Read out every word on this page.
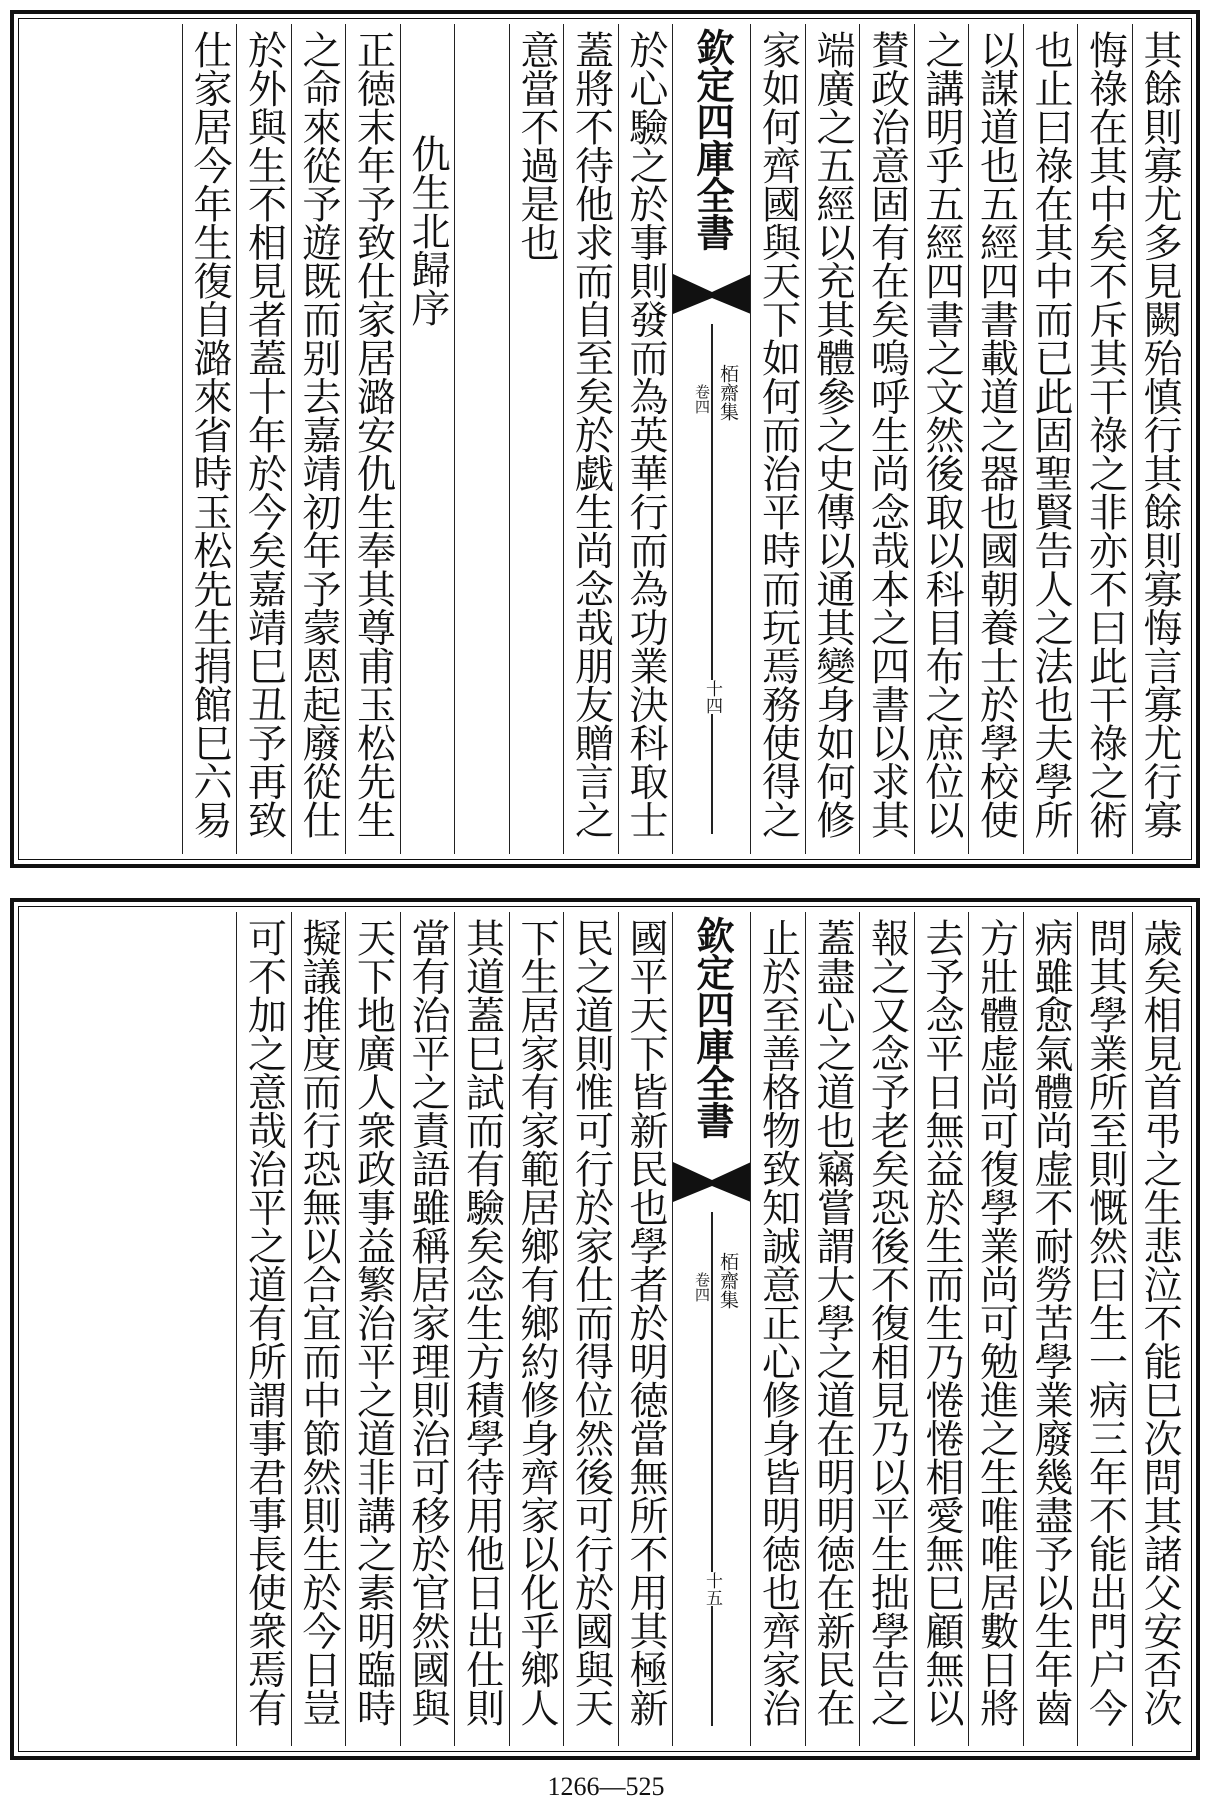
其餘則寡尤多見闕殆慎行其餘則寡悔言寡尤行寡
悔祿在其中矣不斥其干祿之非亦不曰此干祿之術
也止曰祿在其中而已此固聖賢告人之法也夫學所
以謀道也五經四書載道之器也國朝養士於學校使
之講明乎五經四書之文然後取以科目布之庶位以
賛政治意固有在矣嗚呼生尚念哉本之四書以求其
端廣之五經以充其體參之史傳以通其變身如何修
家如何齊國與天下如何而治平時而玩焉務使得之
欽定四庫全書
栢齋集
卷四
十四
於心驗之於事則發而為英華行而為功業決科取士
蓋將不待他求而自至矣於戯生尚念哉朋友贈言之
意當不過是也
仇生北歸序
正徳末年予致仕家居潞安仇生奉其尊甫玉松先生
之命來從予遊既而别去嘉靖初年予蒙恩起廢從仕
於外與生不相見者蓋十年於今矣嘉靖巳丑予再致
仕家居今年生復自潞來省時玉松先生捐館巳六易
歳矣相見首弔之生悲泣不能巳次問其諸父安否次
問其學業所至則慨然曰生一病三年不能出門户今
病雖愈氣體尚虚不耐勞苦學業廢幾盡予以生年齒
方壯體虚尚可復學業尚可勉進之生唯唯居數日將
去予念平日無益於生而生乃惓惓相愛無巳顧無以
報之又念予老矣恐後不復相見乃以平生拙學告之
蓋盡心之道也竊嘗謂大學之道在明明徳在新民在
止於至善格物致知誠意正心修身皆明徳也齊家治
欽定四庫全書
栢齋集
卷四
十五
國平天下皆新民也學者於明徳當無所不用其極新
民之道則惟可行於家仕而得位然後可行於國與天
下生居家有家範居鄉有鄉約修身齊家以化乎鄉人
其道蓋巳試而有驗矣念生方積學待用他日出仕則
當有治平之責語雖稱居家理則治可移於官然國與
天下地廣人衆政事益繁治平之道非講之素明臨時
擬議推度而行恐無以合宜而中節然則生於今日豈
可不加之意哉治平之道有所謂事君事長使衆焉有
1266—525
